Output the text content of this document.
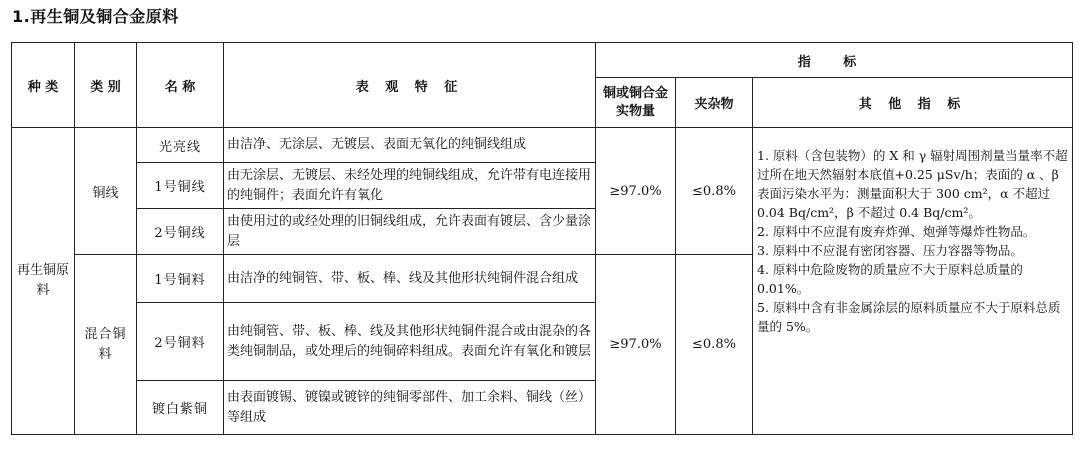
1.再生铜及铜合金原料
种 类	类 别	名 称	表 观 特 征	指 标		
				铜或铜合金实物量	夹杂物	其 他 指 标
再生铜原料	铜线	光亮线	由洁净、无涂层、无镀层、表面无氧化的纯铜线组成	≥97.0%	≤0.8%	1. 原料（含包装物）的 X 和 γ 辐射周围剂量当量率不超过所在地天然辐射本底值+0.25 μSv/h；表面的 α 、β 表面污染水平为：测量面积大于 300 cm²，α 不超过 0.04 Bq/cm²，β 不超过 0.4 Bq/cm²。
2. 原料中不应混有废弃炸弹、炮弹等爆炸性物品。
3. 原料中不应混有密闭容器、压力容器等物品。
4. 原料中危险废物的质量应不大于原料总质量的 0.01%。
5. 原料中含有非金属涂层的原料质量应不大于原料总质量的 5%。

		1号铜线	由无涂层、无镀层、未经处理的纯铜线组成，允许带有电连接用的纯铜件；表面允许有氧化			
		2号铜线	由使用过的或经处理的旧铜线组成，允许表面有镀层、含少量涂层			
	混合铜料	1号铜料	由洁净的纯铜管、带、板、棒、线及其他形状纯铜件混合组成	≥97.0%	≤0.8%	
		2号铜料	由纯铜管、带、板、棒、线及其他形状纯铜件混合或由混杂的各类纯铜制品，或处理后的纯铜碎料组成。表面允许有氧化和镀层			
		镀白紫铜	由表面镀锡、镀镍或镀锌的纯铜零部件、加工余料、铜线（丝）等组成			
